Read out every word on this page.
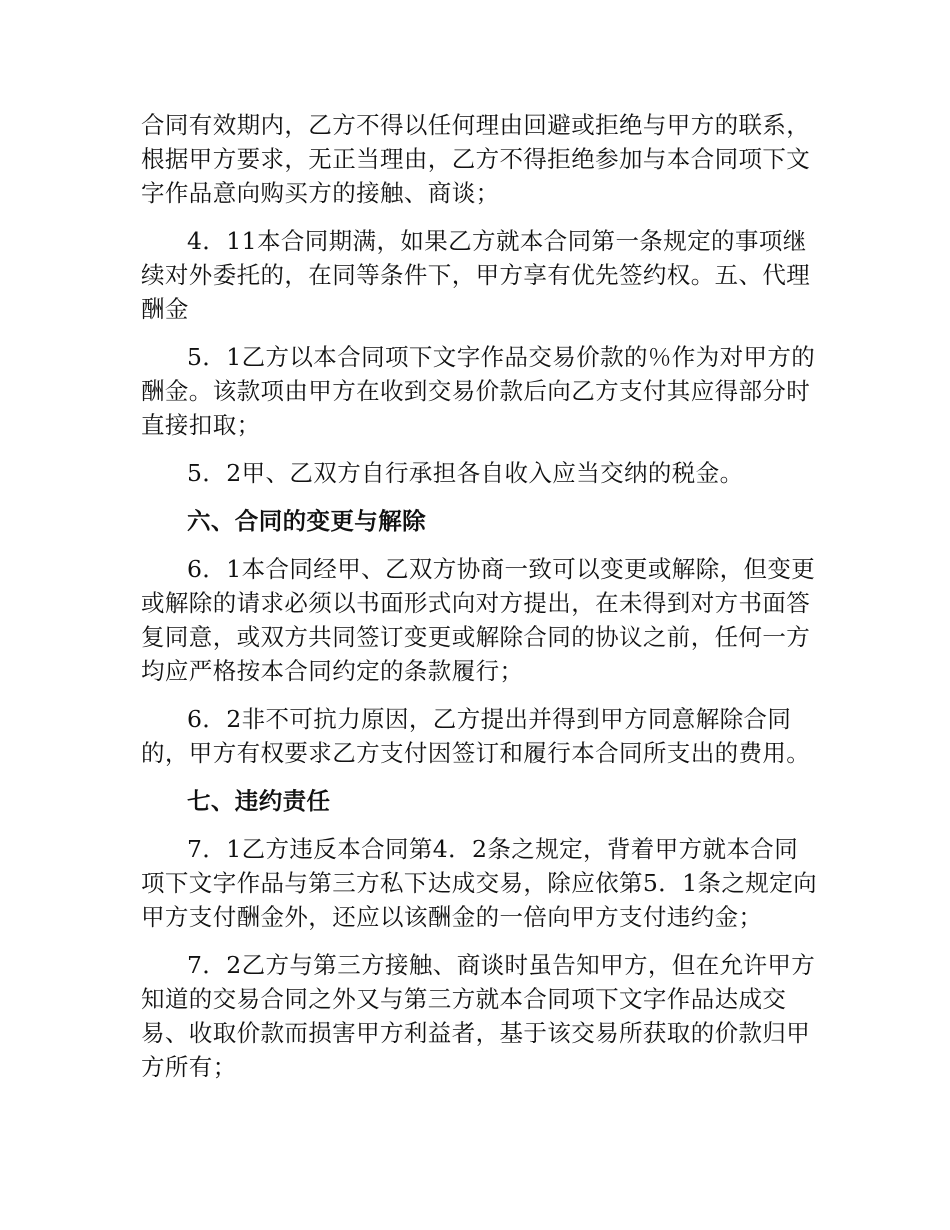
合同有效期内，乙方不得以任何理由回避或拒绝与甲方的联系，根据甲方要求，无正当理由，乙方不得拒绝参加与本合同项下文字作品意向购买方的接触、商谈；

4．11本合同期满，如果乙方就本合同第一条规定的事项继续对外委托的，在同等条件下，甲方享有优先签约权。五、代理酬金

5．1乙方以本合同项下文字作品交易价款的％作为对甲方的酬金。该款项由甲方在收到交易价款后向乙方支付其应得部分时直接扣取；

5．2甲、乙双方自行承担各自收入应当交纳的税金。

六、合同的变更与解除

6．1本合同经甲、乙双方协商一致可以变更或解除，但变更或解除的请求必须以书面形式向对方提出，在未得到对方书面答复同意，或双方共同签订变更或解除合同的协议之前，任何一方均应严格按本合同约定的条款履行；

6．2非不可抗力原因，乙方提出并得到甲方同意解除合同的，甲方有权要求乙方支付因签订和履行本合同所支出的费用。

七、违约责任

7．1乙方违反本合同第4．2条之规定，背着甲方就本合同项下文字作品与第三方私下达成交易，除应依第5．1条之规定向甲方支付酬金外，还应以该酬金的一倍向甲方支付违约金；

7．2乙方与第三方接触、商谈时虽告知甲方，但在允许甲方知道的交易合同之外又与第三方就本合同项下文字作品达成交易、收取价款而损害甲方利益者，基于该交易所获取的价款归甲方所有；
